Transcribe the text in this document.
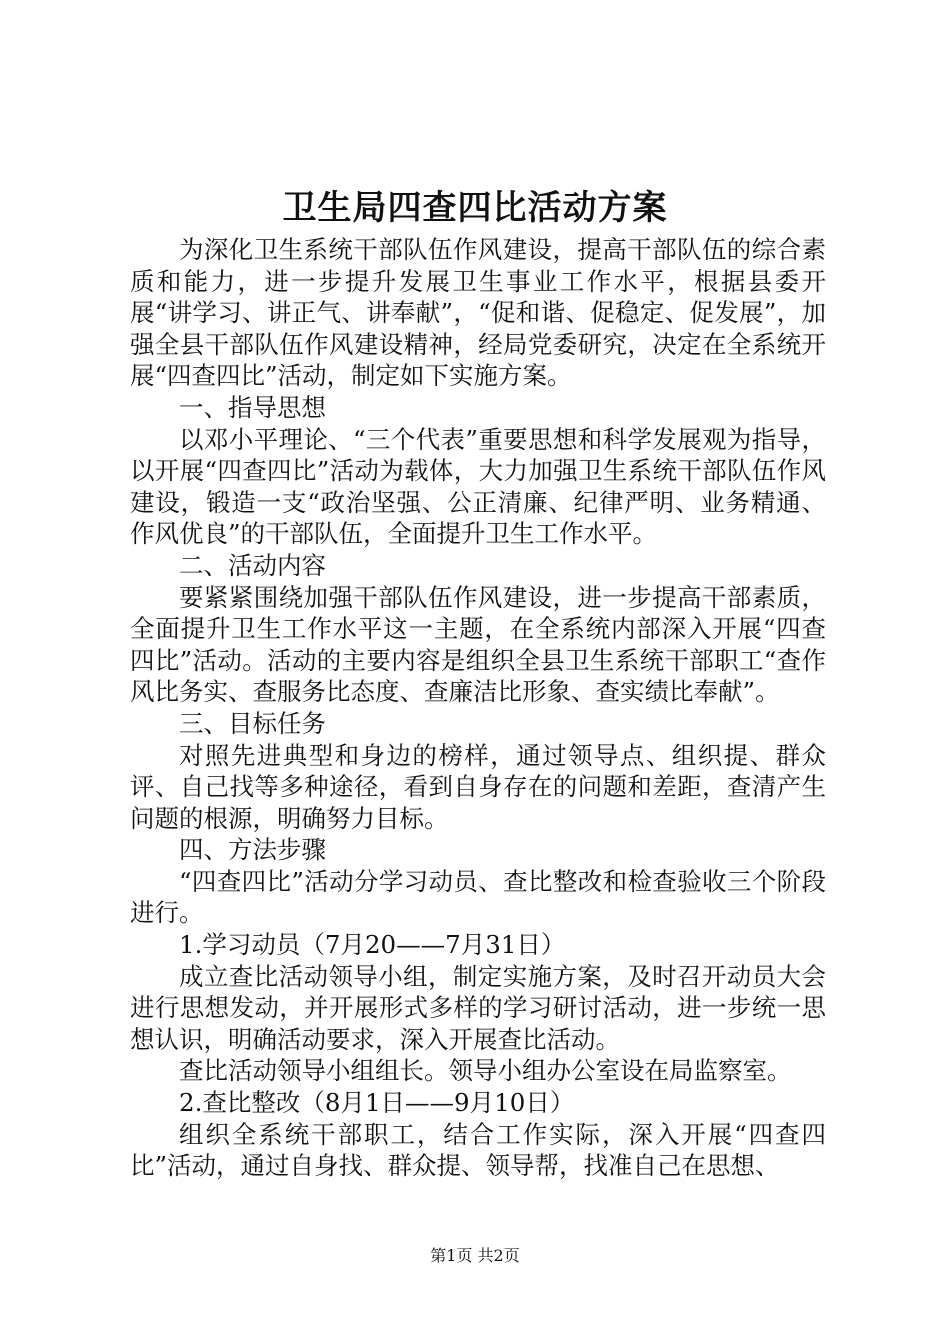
卫生局四查四比活动方案

为深化卫生系统干部队伍作风建设，提高干部队伍的综合素质和能力，进一步提升发展卫生事业工作水平，根据县委开展“讲学习、讲正气、讲奉献”，“促和谐、促稳定、促发展”，加强全县干部队伍作风建设精神，经局党委研究，决定在全系统开展“四查四比”活动，制定如下实施方案。

一、指导思想

以邓小平理论、“三个代表”重要思想和科学发展观为指导，以开展“四查四比”活动为载体，大力加强卫生系统干部队伍作风建设，锻造一支“政治坚强、公正清廉、纪律严明、业务精通、作风优良”的干部队伍，全面提升卫生工作水平。

二、活动内容

要紧紧围绕加强干部队伍作风建设，进一步提高干部素质，全面提升卫生工作水平这一主题，在全系统内部深入开展“四查四比”活动。活动的主要内容是组织全县卫生系统干部职工“查作风比务实、查服务比态度、查廉洁比形象、查实绩比奉献”。

三、目标任务

对照先进典型和身边的榜样，通过领导点、组织提、群众评、自己找等多种途径，看到自身存在的问题和差距，查清产生问题的根源，明确努力目标。

四、方法步骤

“四查四比”活动分学习动员、查比整改和检查验收三个阶段进行。

1.学习动员（7月20——7月31日）

成立查比活动领导小组，制定实施方案，及时召开动员大会进行思想发动，并开展形式多样的学习研讨活动，进一步统一思想认识，明确活动要求，深入开展查比活动。

查比活动领导小组组长。领导小组办公室设在局监察室。

2.查比整改（8月1日——9月10日）

组织全系统干部职工，结合工作实际，深入开展“四查四比”活动，通过自身找、群众提、领导帮，找准自己在思想、

第1页 共2页
